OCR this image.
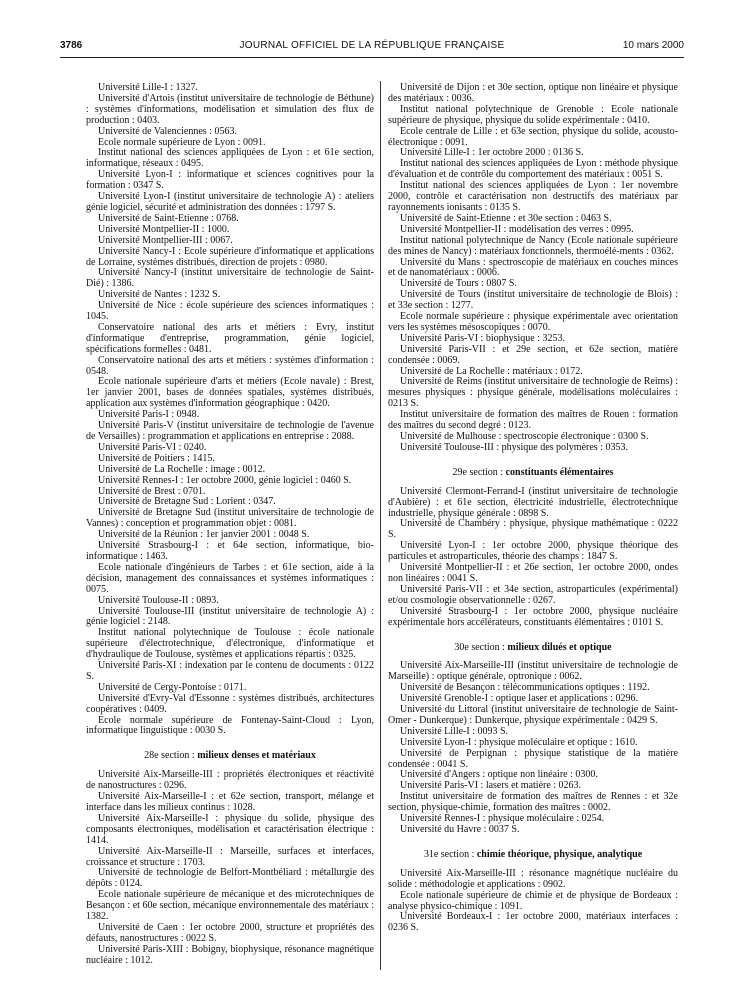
3786	JOURNAL OFFICIEL DE LA RÉPUBLIQUE FRANÇAISE	10 mars 2000

Université Lille-I : 1327.

Université d'Artois (institut universitaire de technologie de Béthune) : systèmes d'informations, modélisation et simulation des flux de production : 0403.

Université de Valenciennes : 0563.

Ecole normale supérieure de Lyon : 0091.

Institut national des sciences appliquées de Lyon : et 61e section, informatique, réseaux : 0495.

Université Lyon-I : informatique et sciences cognitives pour la formation : 0347 S.

Université Lyon-I (institut universitaire de technologie A) : ateliers génie logiciel, sécurité et administration des données : 1797 S.

Université de Saint-Etienne : 0768.

Université Montpellier-II : 1000.

Université Montpellier-III : 0067.

Université Nancy-I : Ecole supérieure d'informatique et applications de Lorraine, systèmes distribués, direction de projets : 0980.

Université Nancy-I (institut universitaire de technologie de Saint-Dié) : 1386.

Université de Nantes : 1232 S.

Université de Nice : école supérieure des sciences informatiques : 1045.

Conservatoire national des arts et métiers : Evry, institut d'informatique d'entreprise, programmation, génie logiciel, spécifications formelles : 0481.

Conservatoire national des arts et métiers : systèmes d'information : 0548.

Ecole nationale supérieure d'arts et métiers (Ecole navale) : Brest, 1er janvier 2001, bases de données spatiales, systèmes distribués, application aux systèmes d'information géographique : 0420.

Université Paris-I : 0948.

Université Paris-V (institut universitaire de technologie de l'avenue de Versailles) : programmation et applications en entreprise : 2088.

Université Paris-VI : 0240.

Université de Poitiers : 1415.

Université de La Rochelle : image : 0012.

Université Rennes-I : 1er octobre 2000, génie logiciel : 0460 S.

Université de Brest : 0701.

Université de Bretagne Sud : Lorient : 0347.

Université de Bretagne Sud (institut universitaire de technologie de Vannes) : conception et programmation objet : 0081.

Université de la Réunion : 1er janvier 2001 : 0048 S.

Université Strasbourg-I : et 64e section, informatique, bio-informatique : 1463.

Ecole nationale d'ingénieurs de Tarbes : et 61e section, aide à la décision, management des connaissances et systèmes informatiques : 0075.

Université Toulouse-II : 0893.

Université Toulouse-III (institut universitaire de technologie A) : génie logiciel : 2148.

Institut national polytechnique de Toulouse : école nationale supérieure d'électrotechnique, d'électronique, d'informatique et d'hydraulique de Toulouse, systèmes et applications répartis : 0325.

Université Paris-XI : indexation par le contenu de documents : 0122 S.

Université de Cergy-Pontoise : 0171.

Université d'Evry-Val d'Essonne : systèmes distribués, architectures coopératives : 0409.

Ecole normale supérieure de Fontenay-Saint-Cloud : Lyon, informatique linguistique : 0030 S.

28e section : milieux denses et matériaux

Université Aix-Marseille-III : propriétés électroniques et réactivité de nanostructures : 0296.

Université Aix-Marseille-I : et 62e section, transport, mélange et interface dans les milieux continus : 1028.

Université Aix-Marseille-I : physique du solide, physique des composants électroniques, modélisation et caractérisation électrique : 1414.

Université Aix-Marseille-II : Marseille, surfaces et interfaces, croissance et structure : 1703.

Université de technologie de Belfort-Montbéliard : métallurgie des dépôts : 0124.

Ecole nationale supérieure de mécanique et des microtechniques de Besançon : et 60e section, mécanique environnementale des matériaux : 1382.

Université de Caen : 1er octobre 2000, structure et propriétés des défauts, nanostructures : 0022 S.

Université Paris-XIII : Bobigny, biophysique, résonance magnétique nucléaire : 1012.

Université de Dijon : et 30e section, optique non linéaire et physique des matériaux : 0036.

Institut national polytechnique de Grenoble : Ecole nationale supérieure de physique, physique du solide expérimentale : 0410.

Ecole centrale de Lille : et 63e section, physique du solide, acousto-électronique : 0091.

Université Lille-I : 1er octobre 2000 : 0136 S.

Institut national des sciences appliquées de Lyon : méthode physique d'évaluation et de contrôle du comportement des matériaux : 0051 S.

Institut national des sciences appliquées de Lyon : 1er novembre 2000, contrôle et caractérisation non destructifs des matériaux par rayonnements ionisants : 0135 S.

Université de Saint-Etienne : et 30e section : 0463 S.

Université Montpellier-II : modélisation des verres : 0995.

Institut national polytechnique de Nancy (Ecole nationale supérieure des mines de Nancy) : matériaux fonctionnels, thermoélé-ments : 0362.

Université du Mans : spectroscopie de matériaux en couches minces et de nanomatériaux : 0006.

Université de Tours : 0807 S.

Université de Tours (institut universitaire de technologie de Blois) : et 33e section : 1277.

Ecole normale supérieure : physique expérimentale avec orientation vers les systèmes mésoscopiques : 0070.

Université Paris-VI : biophysique : 3253.

Université Paris-VII : et 29e section, et 62e section, matière condensée : 0069.

Université de La Rochelle : matériaux : 0172.

Université de Reims (institut universitaire de technologie de Reims) : mesures physiques : physique générale, modélisations moléculaires : 0213 S.

Institut universitaire de formation des maîtres de Rouen : formation des maîtres du second degré : 0123.

Université de Mulhouse : spectroscopie électronique : 0300 S.

Université Toulouse-III : physique des polymères : 0353.

29e section : constituants élémentaires

Université Clermont-Ferrand-I (institut universitaire de technologie d'Aubière) : et 61e section, électricité industrielle, électrotechnique industrielle, physique générale : 0898 S.

Université de Chambéry : physique, physique mathématique : 0222 S.

Université Lyon-I : 1er octobre 2000, physique théorique des particules et astroparticules, théorie des champs : 1847 S.

Université Montpellier-II : et 26e section, 1er octobre 2000, ondes non linéaires : 0041 S.

Université Paris-VII : et 34e section, astroparticules (expérimental) et/ou cosmologie observationnelle : 0267.

Université Strasbourg-I : 1er octobre 2000, physique nucléaire expérimentale hors accélérateurs, constituants élémentaires : 0101 S.

30e section : milieux dilués et optique

Université Aix-Marseille-III (institut universitaire de technologie de Marseille) : optique générale, optronique : 0062.

Université de Besançon : télécommunications optiques : 1192.

Université Grenoble-I : optique laser et applications : 0296.

Université du Littoral (institut universitaire de technologie de Saint-Omer - Dunkerque) : Dunkerque, physique expérimentale : 0429 S.

Université Lille-I : 0093 S.

Université Lyon-I : physique moléculaire et optique : 1610.

Université de Perpignan : physique statistique de la matière condensée : 0041 S.

Université d'Angers : optique non linéaire : 0300.

Université Paris-VI : lasers et matière : 0263.

Institut universitaire de formation des maîtres de Rennes : et 32e section, physique-chimie, formation des maîtres : 0002.

Université Rennes-I : physique moléculaire : 0254.

Université du Havre : 0037 S.

31e section : chimie théorique, physique, analytique

Université Aix-Marseille-III : résonance magnétique nucléaire du solide : méthodologie et applications : 0902.

Ecole nationale supérieure de chimie et de physique de Bordeaux : analyse physico-chimique : 1091.

Université Bordeaux-I : 1er octobre 2000, matériaux interfaces : 0236 S.
